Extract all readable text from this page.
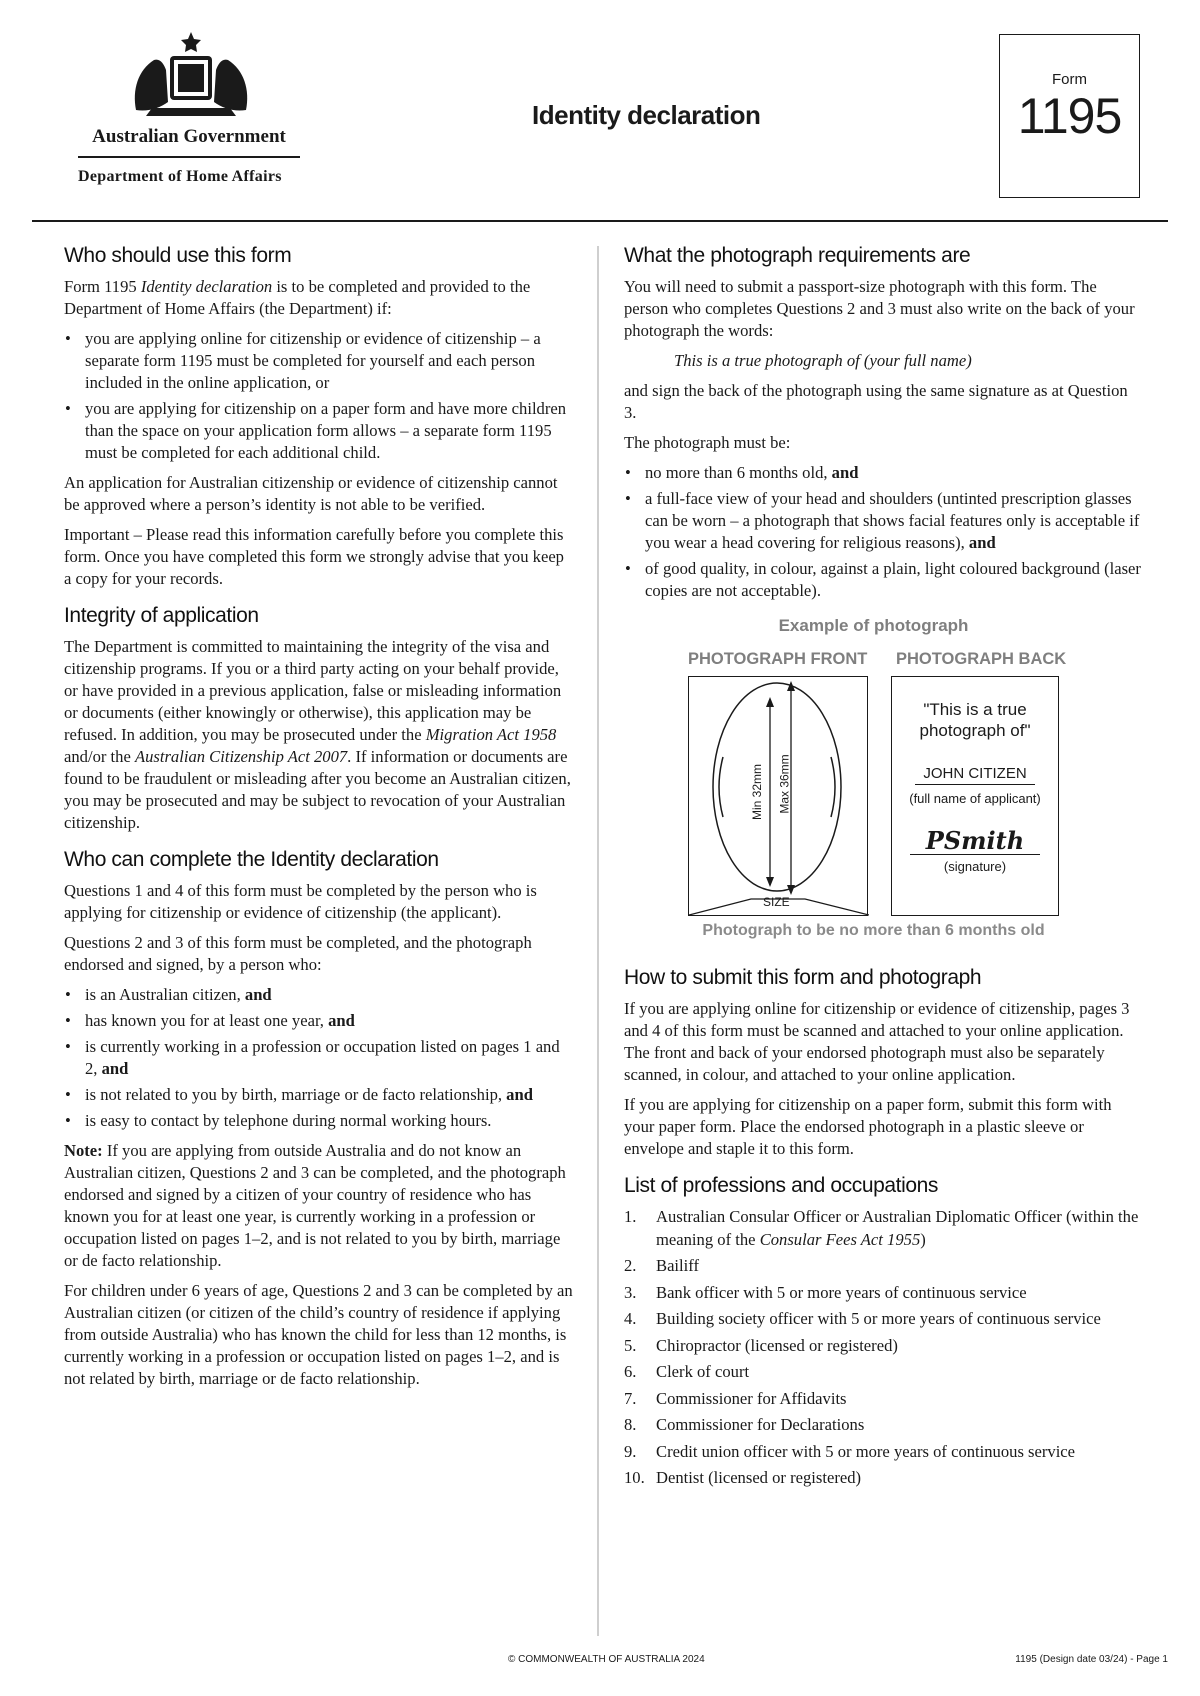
Australian Government
Department of Home Affairs
Identity declaration
Form
1195
Who should use this form

Form 1195 Identity declaration is to be completed and provided to the Department of Home Affairs (the Department) if:

• you are applying online for citizenship or evidence of citizenship – a separate form 1195 must be completed for yourself and each person included in the online application, or
• you are applying for citizenship on a paper form and have more children than the space on your application form allows – a separate form 1195 must be completed for each additional child.

An application for Australian citizenship or evidence of citizenship cannot be approved where a person’s identity is not able to be verified.

Important – Please read this information carefully before you complete this form. Once you have completed this form we strongly advise that you keep a copy for your records.

Integrity of application

The Department is committed to maintaining the integrity of the visa and citizenship programs. If you or a third party acting on your behalf provide, or have provided in a previous application, false or misleading information or documents (either knowingly or otherwise), this application may be refused. In addition, you may be prosecuted under the Migration Act 1958 and/or the Australian Citizenship Act 2007. If information or documents are found to be fraudulent or misleading after you become an Australian citizen, you may be prosecuted and may be subject to revocation of your Australian citizenship.

Who can complete the Identity declaration

Questions 1 and 4 of this form must be completed by the person who is applying for citizenship or evidence of citizenship (the applicant).

Questions 2 and 3 of this form must be completed, and the photograph endorsed and signed, by a person who:

• is an Australian citizen, and
• has known you for at least one year, and
• is currently working in a profession or occupation listed on pages 1 and 2, and
• is not related to you by birth, marriage or de facto relationship, and
• is easy to contact by telephone during normal working hours.

Note: If you are applying from outside Australia and do not know an Australian citizen, Questions 2 and 3 can be completed, and the photograph endorsed and signed by a citizen of your country of residence who has known you for at least one year, is currently working in a profession or occupation listed on pages 1–2, and is not related to you by birth, marriage or de facto relationship.

For children under 6 years of age, Questions 2 and 3 can be completed by an Australian citizen (or citizen of the child’s country of residence if applying from outside Australia) who has known the child for less than 12 months, is currently working in a profession or occupation listed on pages 1–2, and is not related by birth, marriage or de facto relationship.

What the photograph requirements are

You will need to submit a passport-size photograph with this form. The person who completes Questions 2 and 3 must also write on the back of your photograph the words:

This is a true photograph of (your full name)

and sign the back of the photograph using the same signature as at Question 3.

The photograph must be:

• no more than 6 months old, and
• a full-face view of your head and shoulders (untinted prescription glasses can be worn – a photograph that shows facial features only is acceptable if you wear a head covering for religious reasons), and
• of good quality, in colour, against a plain, light coloured background (laser copies are not acceptable).
Example of photograph
PHOTOGRAPH FRONT PHOTOGRAPH BACK
Min 32mm Max 36mm
SIZE
"This is a true photograph of"
JOHN CITIZEN
(full name of applicant)
PSmith
(signature)
Photograph to be no more than 6 months old
How to submit this form and photograph

If you are applying online for citizenship or evidence of citizenship, pages 3 and 4 of this form must be scanned and attached to your online application. The front and back of your endorsed photograph must also be separately scanned, in colour, and attached to your online application.

If you are applying for citizenship on a paper form, submit this form with your paper form. Place the endorsed photograph in a plastic sleeve or envelope and staple it to this form.

List of professions and occupations
1. Australian Consular Officer or Australian Diplomatic Officer (within the meaning of the Consular Fees Act 1955)
2. Bailiff
3. Bank officer with 5 or more years of continuous service
4. Building society officer with 5 or more years of continuous service
5. Chiropractor (licensed or registered)
6. Clerk of court
7. Commissioner for Affidavits
8. Commissioner for Declarations
9. Credit union officer with 5 or more years of continuous service
10. Dentist (licensed or registered)
© COMMONWEALTH OF AUSTRALIA 2024	1195 (Design date 03/24) - Page 1
